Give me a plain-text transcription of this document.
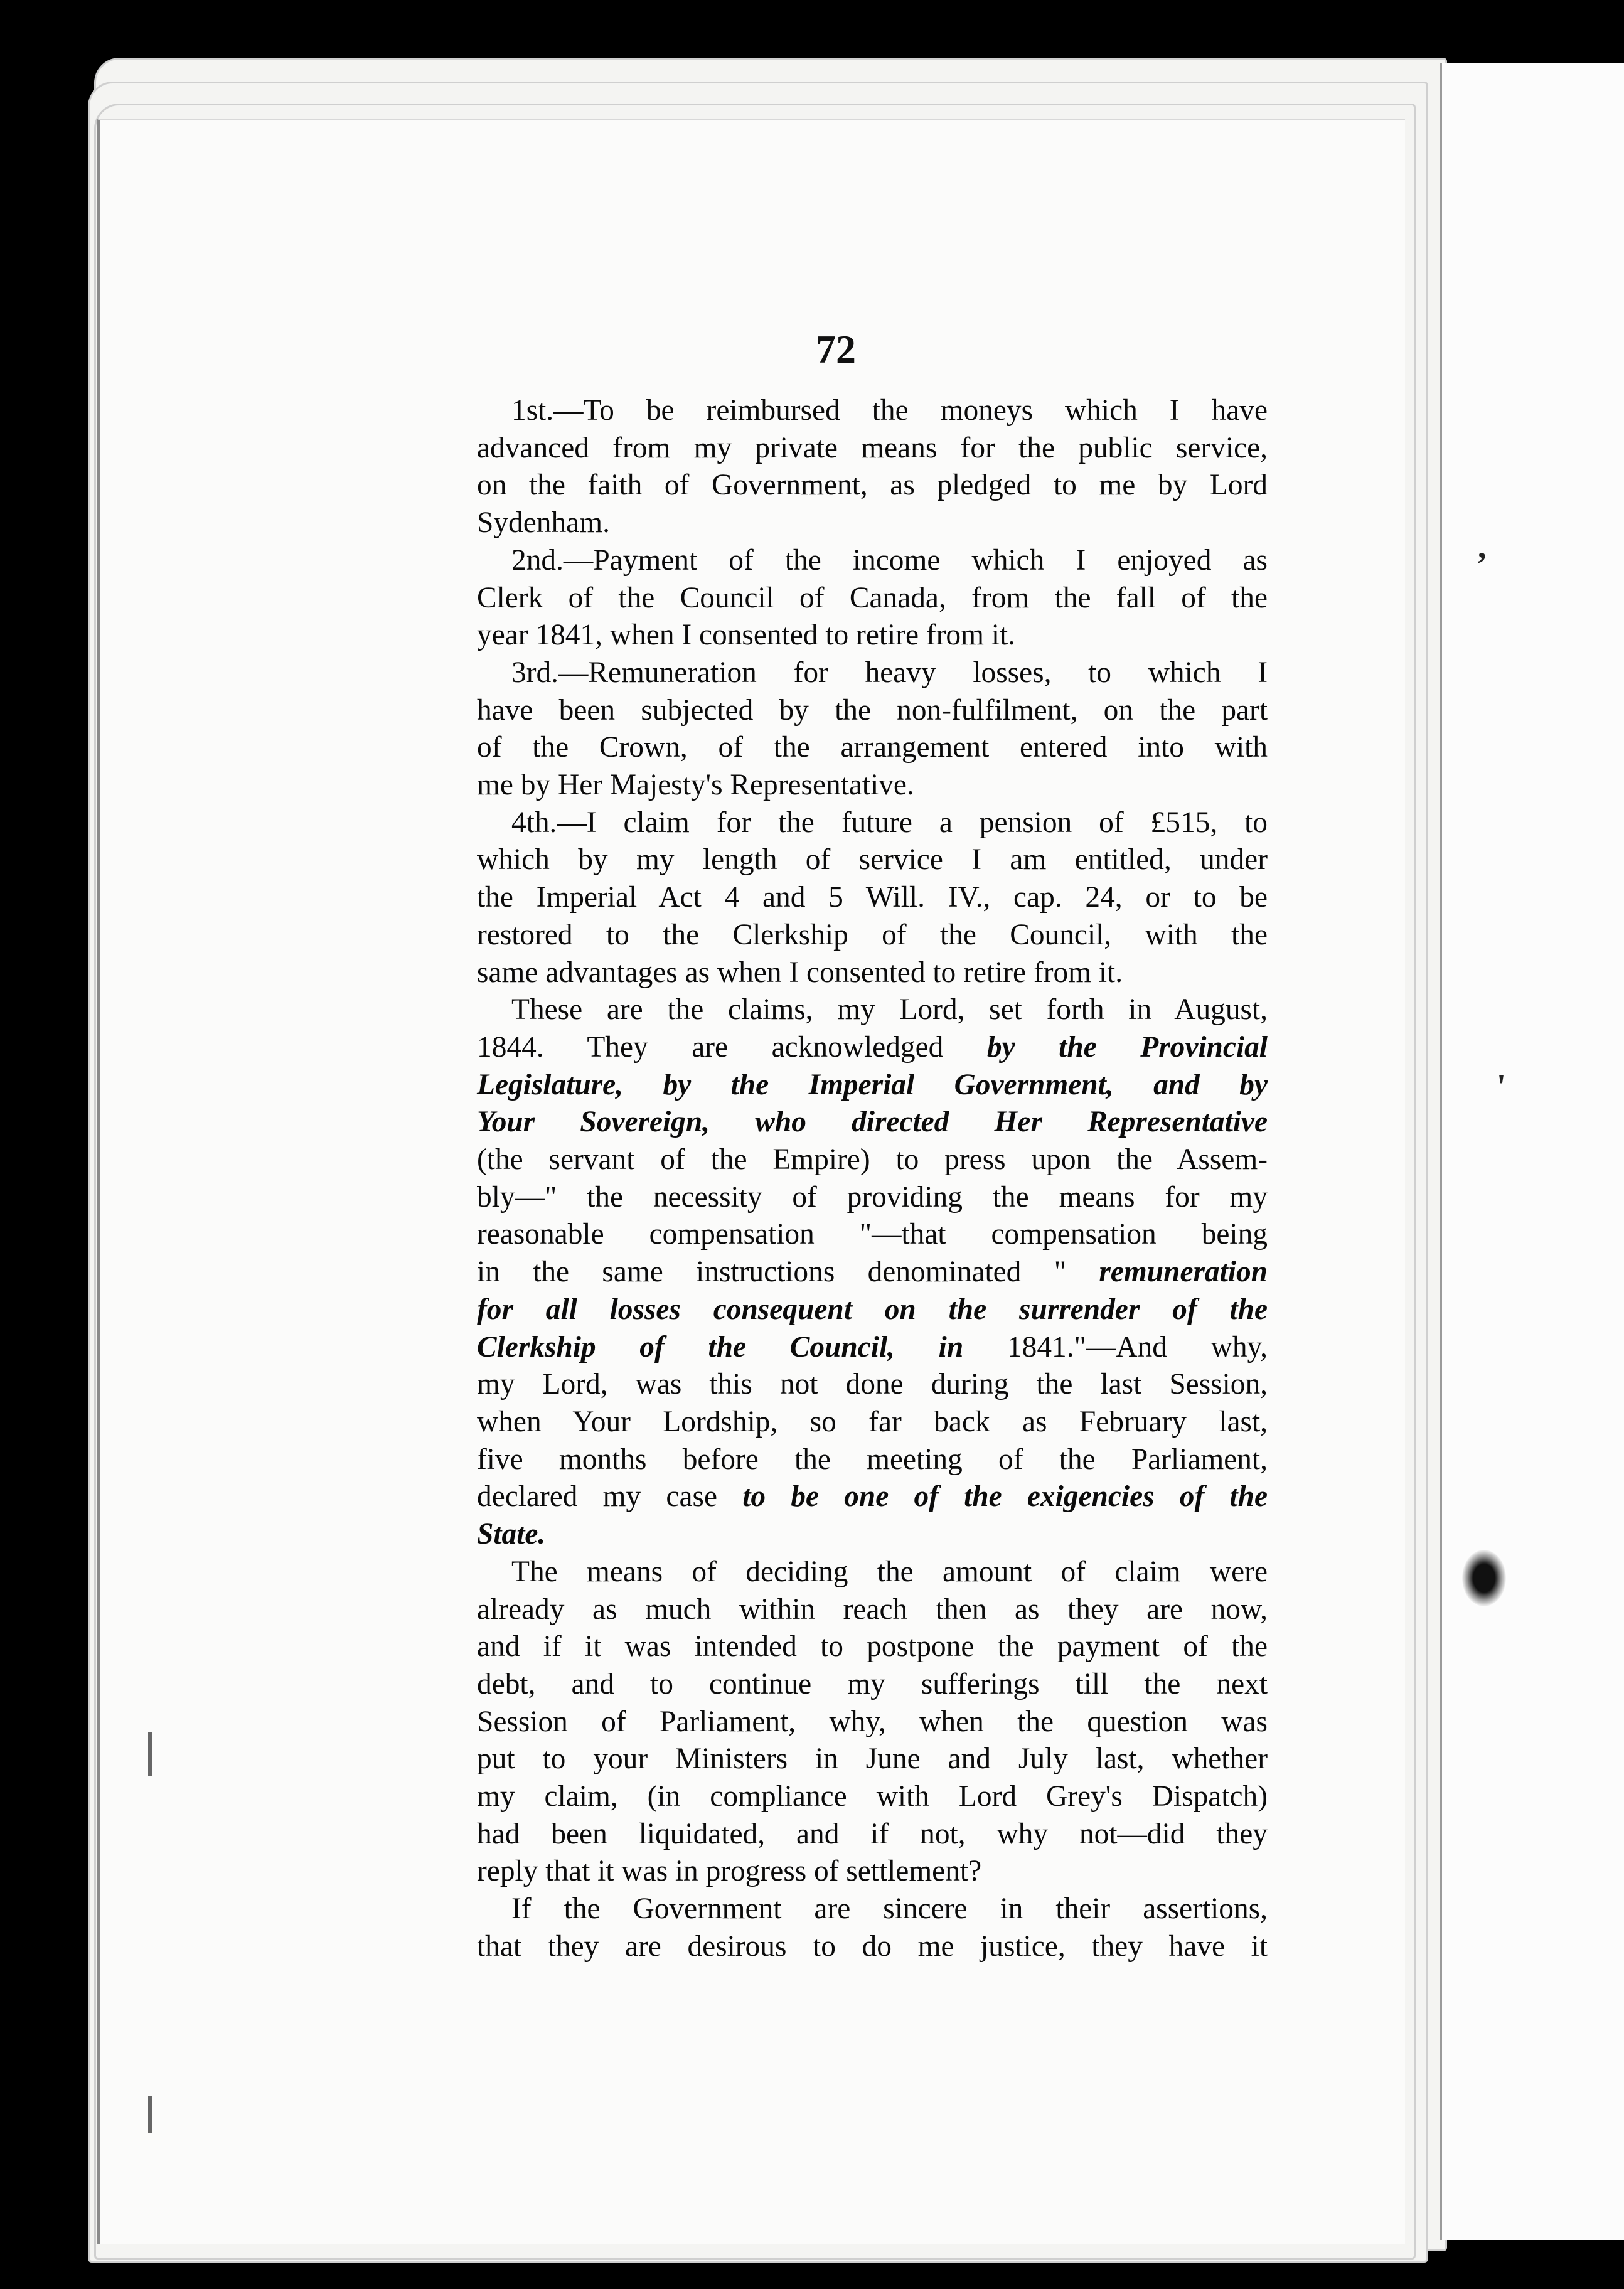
,
'
72
1st.—To be reimbursed the moneys which I have
advanced from my private means for the public service,
on the faith of Government, as pledged to me by Lord
Sydenham.
2nd.—Payment of the income which I enjoyed as
Clerk of the Council of Canada, from the fall of the
year 1841, when I consented to retire from it.
3rd.—Remuneration for heavy losses, to which I
have been subjected by the non-fulfilment, on the part
of the Crown, of the arrangement entered into with
me by Her Majesty's Representative.
4th.—I claim for the future a pension of £515, to
which by my length of service I am entitled, under
the Imperial Act 4 and 5 Will. IV., cap. 24, or to be
restored to the Clerkship of the Council, with the
same advantages as when I consented to retire from it.
These are the claims, my Lord, set forth in August,
1844. They are acknowledged by the Provincial
Legislature, by the Imperial Government, and by
Your Sovereign, who directed Her Representative
(the servant of the Empire) to press upon the Assem-
bly—" the necessity of providing the means for my
reasonable compensation "—that compensation being
in the same instructions denominated " remuneration
for all losses consequent on the surrender of the
Clerkship of the Council, in 1841."—And why,
my Lord, was this not done during the last Session,
when Your Lordship, so far back as February last,
five months before the meeting of the Parliament,
declared my case to be one of the exigencies of the
State.
The means of deciding the amount of claim were
already as much within reach then as they are now,
and if it was intended to postpone the payment of the
debt, and to continue my sufferings till the next
Session of Parliament, why, when the question was
put to your Ministers in June and July last, whether
my claim, (in compliance with Lord Grey's Dispatch)
had been liquidated, and if not, why not—did they
reply that it was in progress of settlement?
If the Government are sincere in their assertions,
that they are desirous to do me justice, they have it
